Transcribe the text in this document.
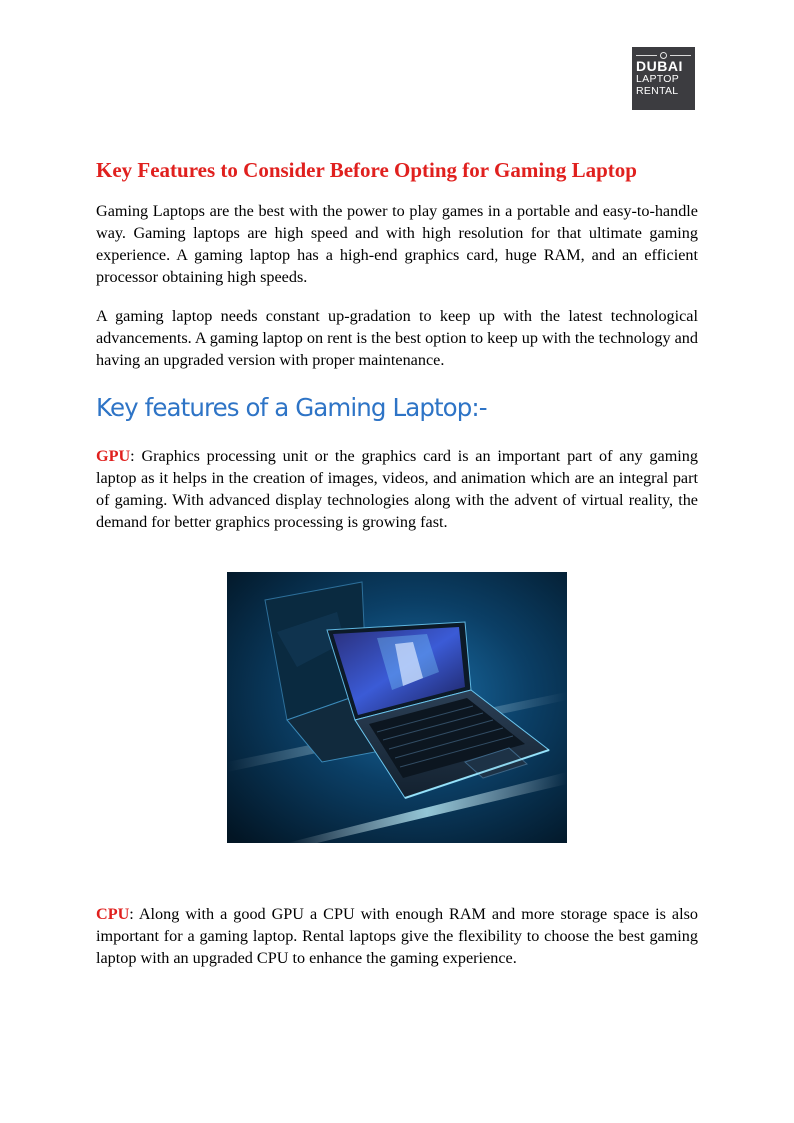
DUBAI
LAPTOP
RENTAL
Key Features to Consider Before Opting for Gaming Laptop

Gaming Laptops are the best with the power to play games in a portable and easy-to-handle way. Gaming laptops are high speed and with high resolution for that ultimate gaming experience. A gaming laptop has a high-end graphics card, huge RAM, and an efficient processor obtaining high speeds.

A gaming laptop needs constant up-gradation to keep up with the latest technological advancements. A gaming laptop on rent is the best option to keep up with the technology and having an upgraded version with proper maintenance.

Key features of a Gaming Laptop:-

GPU: Graphics processing unit or the graphics card is an important part of any gaming laptop as it helps in the creation of images, videos, and animation which are an integral part of gaming. With advanced display technologies along with the advent of virtual reality, the demand for better graphics processing is growing fast.

CPU: Along with a good GPU a CPU with enough RAM and more storage space is also important for a gaming laptop. Rental laptops give the flexibility to choose the best gaming laptop with an upgraded CPU to enhance the gaming experience.
